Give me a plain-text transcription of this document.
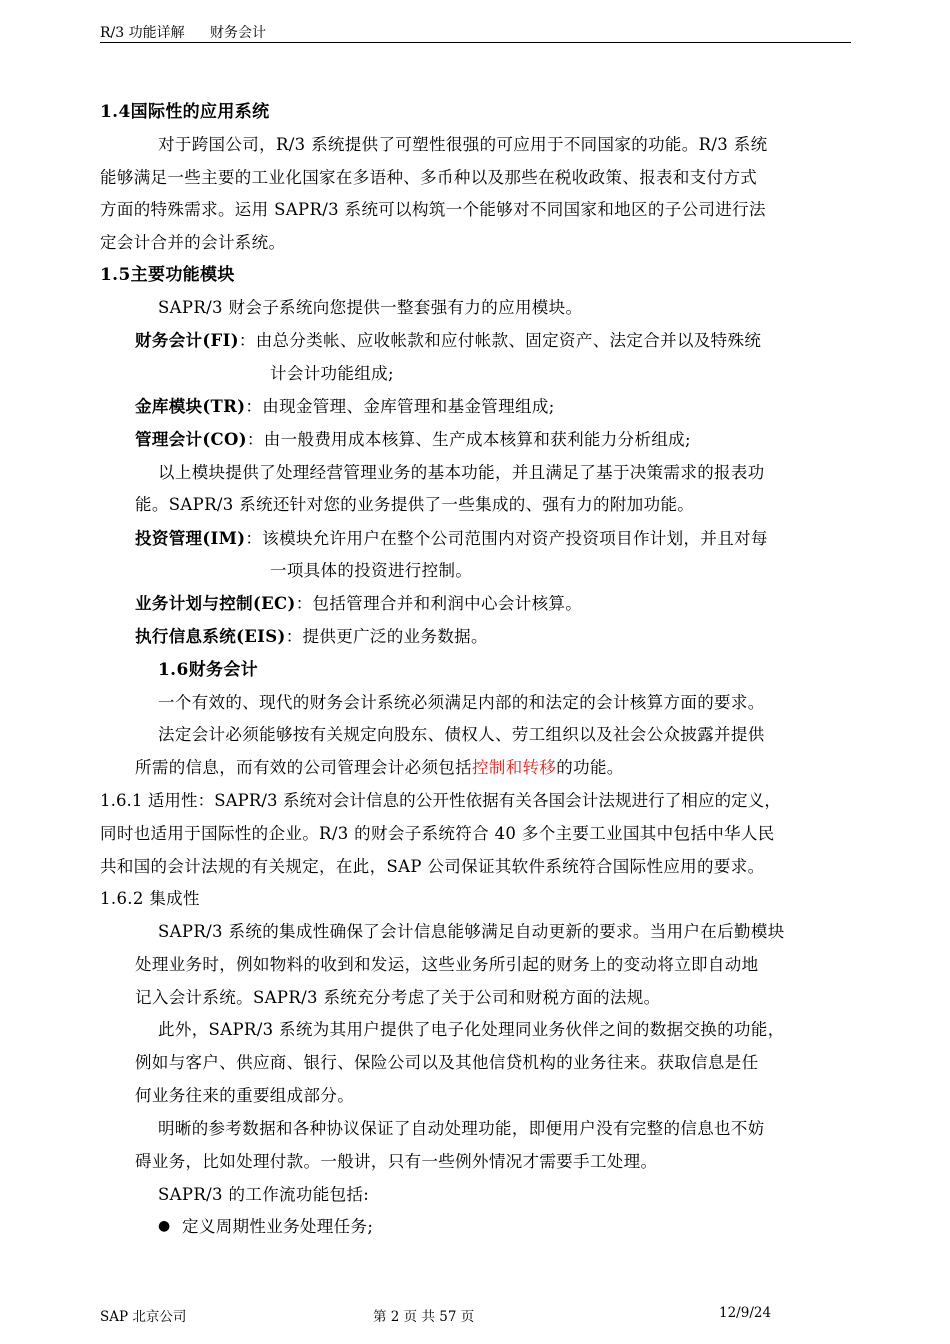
R/3 功能详解 财务会计
1.4国际性的应用系统
对于跨国公司，R/3 系统提供了可塑性很强的可应用于不同国家的功能。R/3 系统
能够满足一些主要的工业化国家在多语种、多币种以及那些在税收政策、报表和支付方式
方面的特殊需求。运用 SAPR/3 系统可以构筑一个能够对不同国家和地区的子公司进行法
定会计合并的会计系统。
1.5主要功能模块
SAPR/3 财会子系统向您提供一整套强有力的应用模块。
财务会计(FI)：由总分类帐、应收帐款和应付帐款、固定资产、法定合并以及特殊统
计会计功能组成;
金库模块(TR)：由现金管理、金库管理和基金管理组成;
管理会计(CO)：由一般费用成本核算、生产成本核算和获利能力分析组成;
以上模块提供了处理经营管理业务的基本功能，并且满足了基于决策需求的报表功
能。SAPR/3 系统还针对您的业务提供了一些集成的、强有力的附加功能。
投资管理(IM)：该模块允许用户在整个公司范围内对资产投资项目作计划，并且对每
一项具体的投资进行控制。
业务计划与控制(EC)：包括管理合并和利润中心会计核算。
执行信息系统(EIS)：提供更广泛的业务数据。
1.6财务会计
一个有效的、现代的财务会计系统必须满足内部的和法定的会计核算方面的要求。
法定会计必须能够按有关规定向股东、债权人、劳工组织以及社会公众披露并提供
所需的信息，而有效的公司管理会计必须包括控制和转移的功能。
1.6.1 适用性：SAPR/3 系统对会计信息的公开性依据有关各国会计法规进行了相应的定义，
同时也适用于国际性的企业。R/3 的财会子系统符合 40 多个主要工业国其中包括中华人民
共和国的会计法规的有关规定，在此，SAP 公司保证其软件系统符合国际性应用的要求。
1.6.2 集成性
SAPR/3 系统的集成性确保了会计信息能够满足自动更新的要求。当用户在后勤模块
处理业务时，例如物料的收到和发运，这些业务所引起的财务上的变动将立即自动地
记入会计系统。SAPR/3 系统充分考虑了关于公司和财税方面的法规。
此外，SAPR/3 系统为其用户提供了电子化处理同业务伙伴之间的数据交换的功能，
例如与客户、供应商、银行、保险公司以及其他信贷机构的业务往来。获取信息是任
何业务往来的重要组成部分。
明晰的参考数据和各种协议保证了自动处理功能，即便用户没有完整的信息也不妨
碍业务，比如处理付款。一般讲，只有一些例外情况才需要手工处理。
SAPR/3 的工作流功能包括:
● 定义周期性业务处理任务;
SAP 北京公司	第 2 页 共 57 页	12/9/24
